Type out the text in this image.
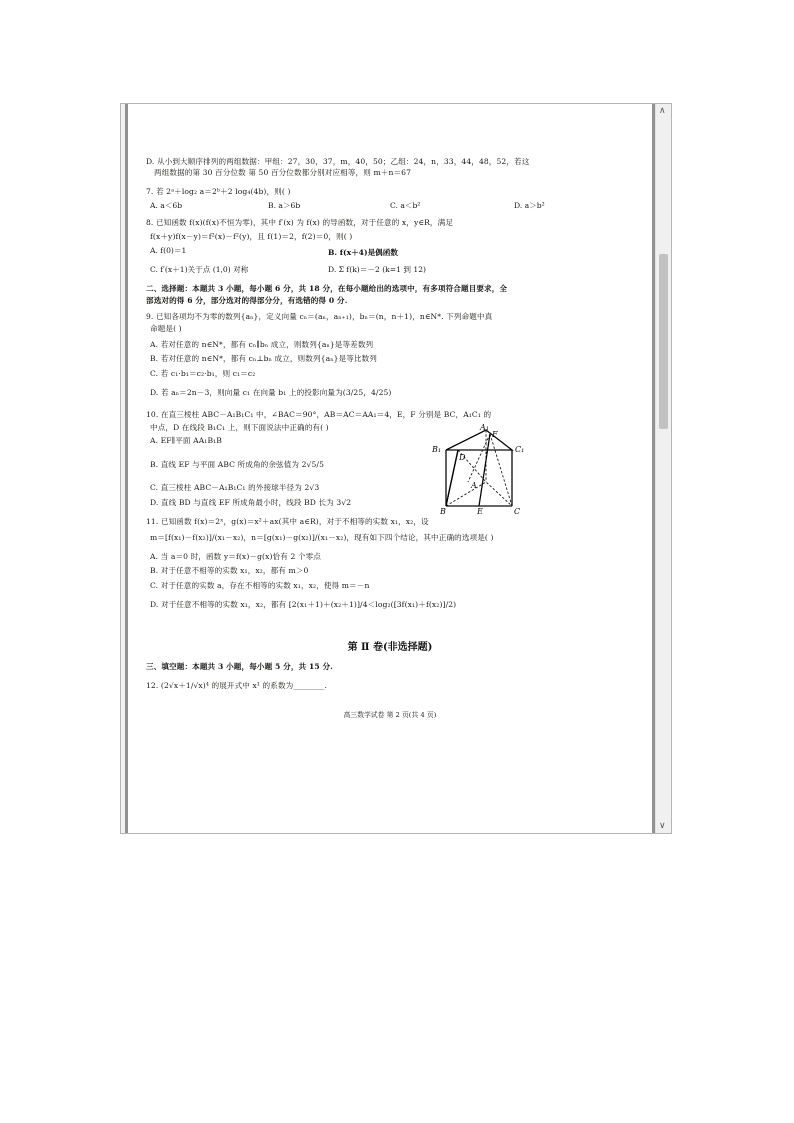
D. 从小到大顺序排列的两组数据：甲组：27，30，37，m，40，50；乙组：24，n，33，44，48，52，若这
两组数据的第 30 百分位数 第 50 百分位数都分别对应相等，则 m＋n＝67
7. 若 2ᵃ＋log₂ a＝2ᵇ＋2 log₄(4b)，则( )
A. a＜6b	B. a＞6b	C. a＜b²	D. a＞b²
8. 已知函数 f(x)(f(x)不恒为零)，其中 f′(x) 为 f(x) 的导函数，对于任意的 x，y∈R，满足
f(x＋y)f(x－y)＝f²(x)－f²(y)，且 f(1)＝2，f(2)＝0，则( )
A. f(0)＝1	B. f(x＋4)是偶函数
C. f′(x＋1)关于点 (1,0) 对称	D. Σ f(k)＝－2 (k=1 到 12)
二、选择题：本题共 3 小题，每小题 6 分，共 18 分，在每小题给出的选项中，有多项符合题目要求，全
部选对的得 6 分，部分选对的得部分分，有选错的得 0 分.
9. 已知各项均不为零的数列{aₙ}，定义向量 cₙ＝(aₙ，aₙ₊₁)，bₙ＝(n，n＋1)，n∈N*. 下列命题中真
命题是( )
A. 若对任意的 n∈N*，都有 cₙ∥bₙ 成立，则数列{aₙ}是等差数列
B. 若对任意的 n∈N*，都有 cₙ⊥bₙ 成立，则数列{aₙ}是等比数列
C. 若 c₁·b₁＝c₂·b₁，则 c₁＝c₂
D. 若 aₙ＝2n－3，则向量 c₁ 在向量 b₁ 上的投影向量为(3/25，4/25)
10. 在直三棱柱 ABC－A₁B₁C₁ 中，∠BAC＝90°，AB＝AC＝AA₁＝4，E，F 分别是 BC，A₁C₁ 的
中点，D 在线段 B₁C₁ 上，则下面说法中正确的有( )
A. EF∥平面 AA₁B₁B
B. 直线 EF 与平面 ABC 所成角的余弦值为 2√5/5
C. 直三棱柱 ABC－A₁B₁C₁ 的外接球半径为 2√3
D. 直线 BD 与直线 EF 所成角最小时，线段 BD 长为 3√2
A₁
B₁	C₁
D
F
A
B	C
E
11. 已知函数 f(x)＝2ˣ，g(x)＝x²＋ax(其中 a∈R)，对于不相等的实数 x₁，x₂，设
m＝[f(x₁)－f(x₂)]/(x₁－x₂)，n＝[g(x₁)－g(x₂)]/(x₁－x₂)，现有如下四个结论，其中正确的选项是( )
A. 当 a＝0 时，函数 y＝f(x)－g(x)恰有 2 个零点
B. 对于任意不相等的实数 x₁，x₂，都有 m＞0
C. 对于任意的实数 a，存在不相等的实数 x₁，x₂，使得 m＝－n
D. 对于任意不相等的实数 x₁，x₂，都有 [2(x₁＋1)＋(x₂＋1)]/4＜log₂([3f(x₁)＋f(x₂)]/2)
第 Ⅱ 卷(非选择题)
三、填空题：本题共 3 小题，每小题 5 分，共 15 分.
12. (2√x＋1/√x)⁴ 的展开式中 x¹ 的系数为________.
高三数学试卷 第 2 页(共 4 页)
∧
∨
